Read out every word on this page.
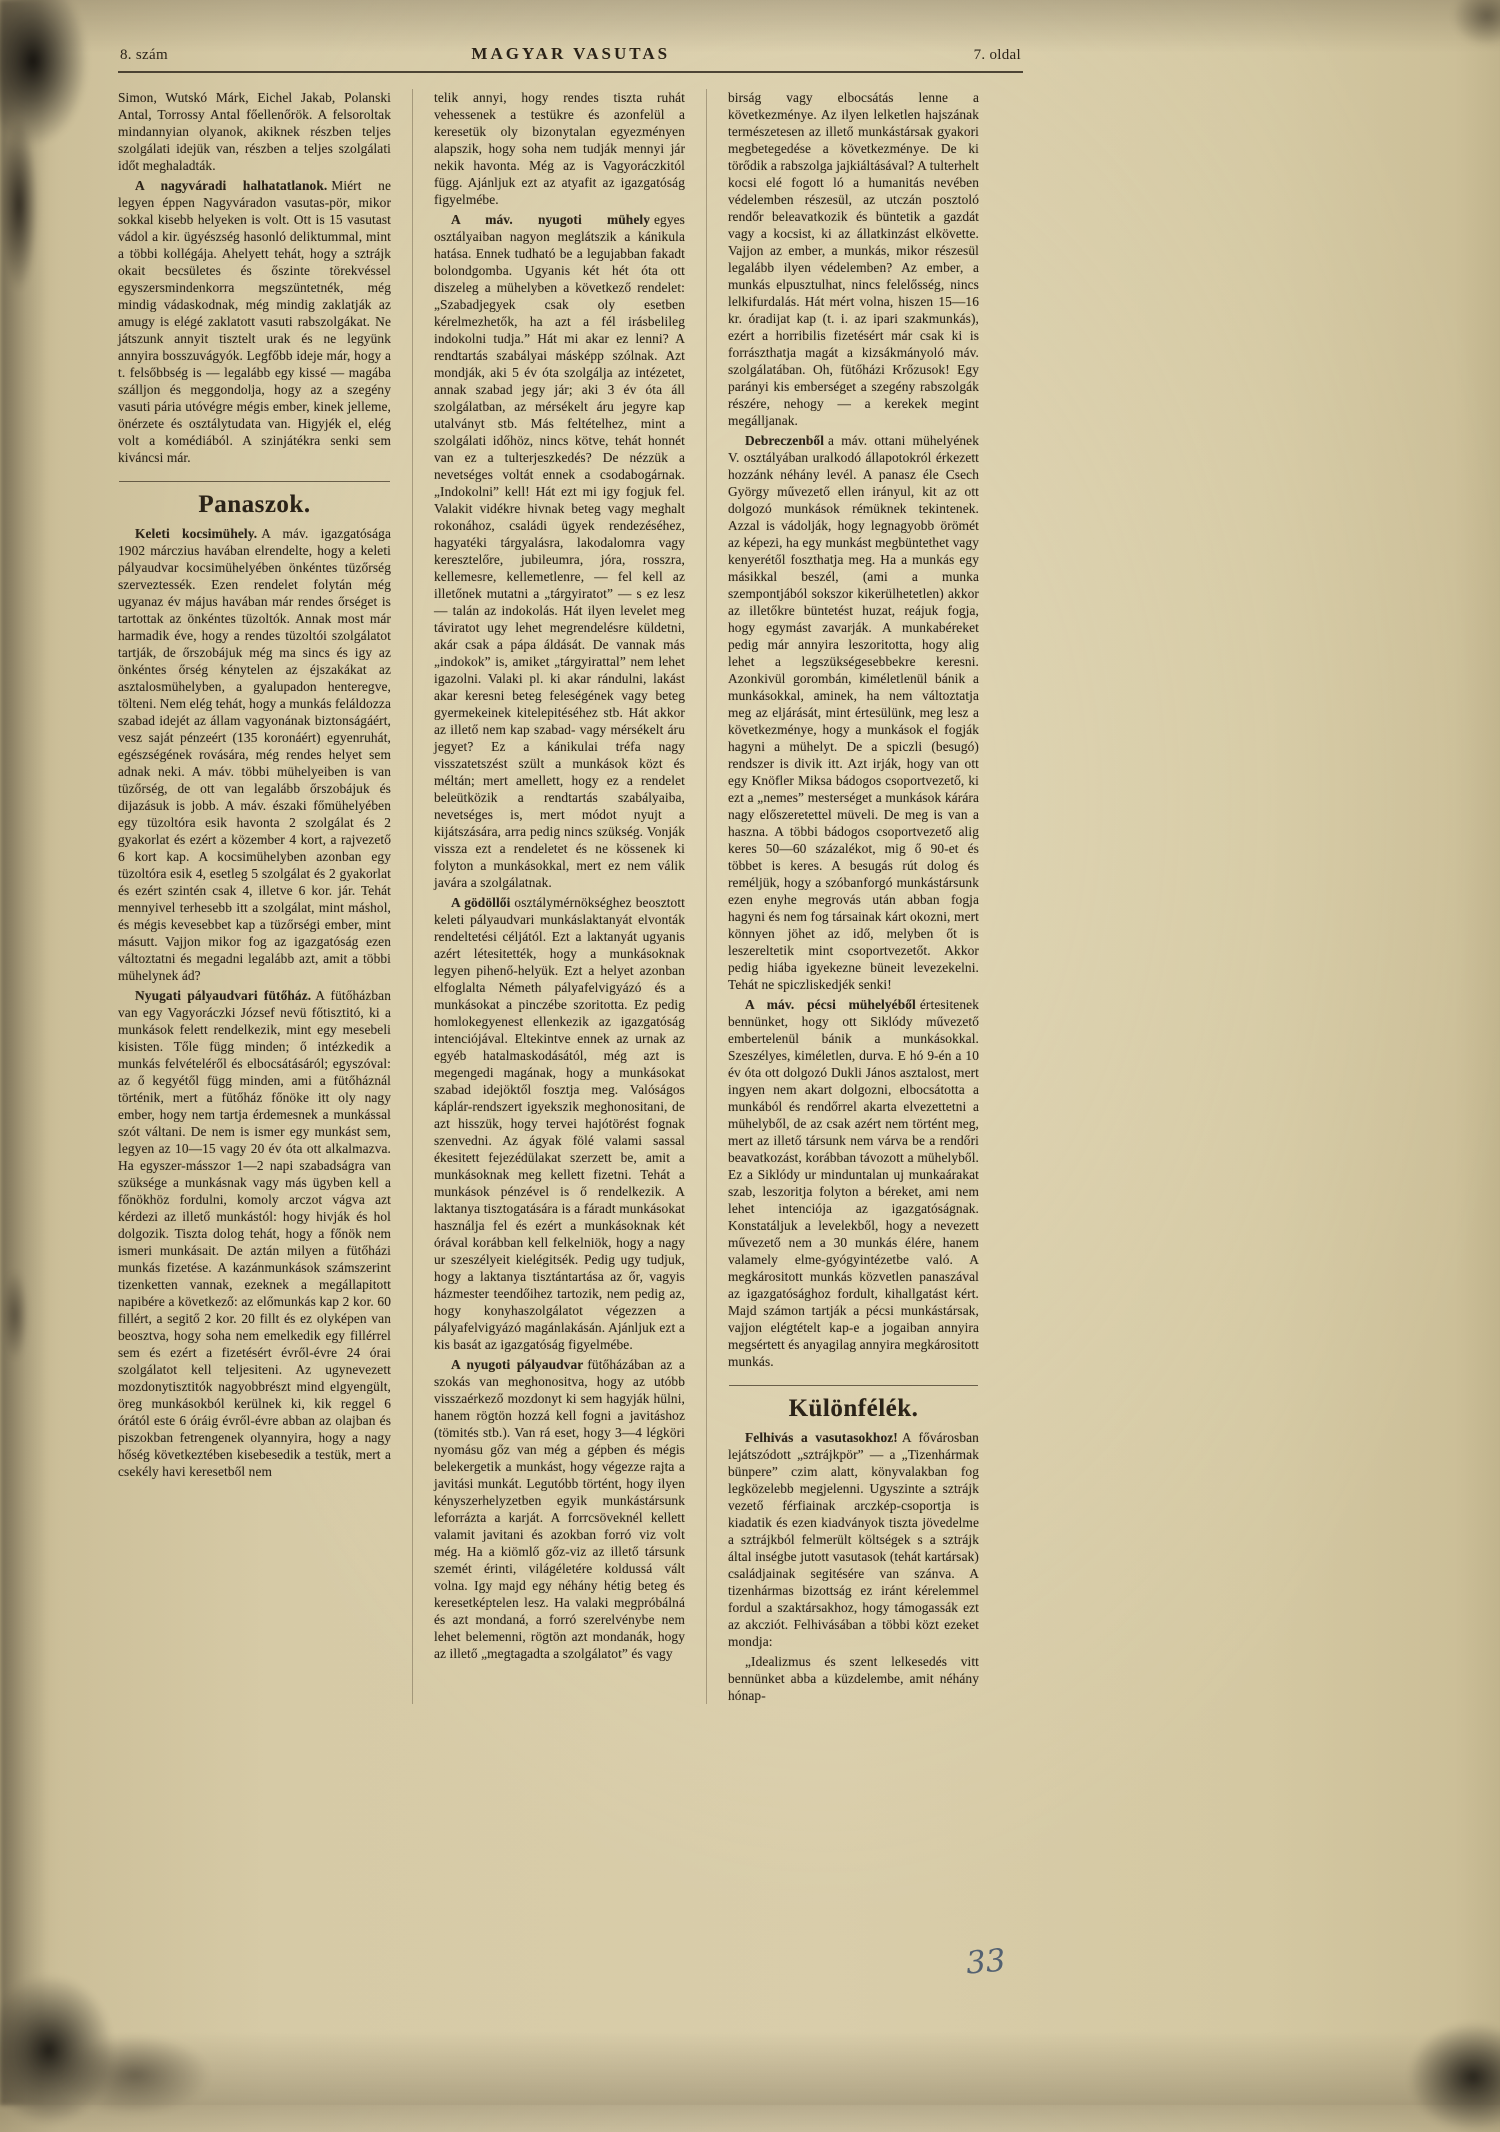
8. szám	MAGYAR VASUTAS	7. oldal

Simon, Wutskó Márk, Eichel Jakab, Polanski Antal, Torrossy Antal főellenőrök. A felsoroltak mindannyian olyanok, akiknek részben teljes szolgálati idejük van, részben a teljes szolgálati időt meghaladták.

A nagyváradi halhatatlanok. Miért ne legyen éppen Nagyváradon vasutas-pör, mikor sokkal kisebb helyeken is volt. Ott is 15 vasutast vádol a kir. ügyészség hasonló deliktummal, mint a többi kollégája. Ahelyett tehát, hogy a sztrájk okait becsületes és őszinte törekvéssel egyszersmindenkorra megszüntetnék, még mindig vádaskodnak, még mindig zaklatják az amugy is elégé zaklatott vasuti rabszolgákat. Ne játszunk annyit tisztelt urak és ne legyünk annyira bosszuvágyók. Legfőbb ideje már, hogy a t. felsőbbség is — legalább egy kissé — magába szálljon és meggondolja, hogy az a szegény vasuti pária utóvégre mégis ember, kinek jelleme, önérzete és osztálytudata van. Higyjék el, elég volt a komédiából. A szinjátékra senki sem kiváncsi már.

Panaszok.

Keleti kocsimühely. A máv. igazgatósága 1902 márczius havában elrendelte, hogy a keleti pályaudvar kocsimühelyében önkéntes tüzőrség szerveztessék. Ezen rendelet folytán még ugyanaz év május havában már rendes őrséget is tartottak az önkéntes tüzoltók. Annak most már harmadik éve, hogy a rendes tüzoltói szolgálatot tartják, de őrszobájuk még ma sincs és igy az önkéntes őrség kénytelen az éjszakákat az asztalosmühelyben, a gyalupadon henteregve, tölteni. Nem elég tehát, hogy a munkás feláldozza szabad idejét az állam vagyonának biztonságáért, vesz saját pénzeért (135 koronáért) egyenruhát, egészségének rovására, még rendes helyet sem adnak neki. A máv. többi mühelyeiben is van tüzőrség, de ott van legalább őrszobájuk és dijazásuk is jobb. A máv. északi főmühelyében egy tüzoltóra esik havonta 2 szolgálat és 2 gyakorlat és ezért a közember 4 kort, a rajvezető 6 kort kap. A kocsimühelyben azonban egy tüzoltóra esik 4, esetleg 5 szolgálat és 2 gyakorlat és ezért szintén csak 4, illetve 6 kor. jár. Tehát mennyivel terhesebb itt a szolgálat, mint máshol, és mégis kevesebbet kap a tüzőrségi ember, mint másutt. Vajjon mikor fog az igazgatóság ezen változtatni és megadni legalább azt, amit a többi mühelynek ád?

Nyugati pályaudvari fütőház. A fütőházban van egy Vagyoráczki József nevü főtisztitó, ki a munkások felett rendelkezik, mint egy mesebeli kisisten. Tőle függ minden; ő intézkedik a munkás felvételéről és elbocsátásáról; egyszóval: az ő kegyétől függ minden, ami a fütőháznál történik, mert a fütőház főnöke itt oly nagy ember, hogy nem tartja érdemesnek a munkással szót váltani. De nem is ismer egy munkást sem, legyen az 10—15 vagy 20 év óta ott alkalmazva. Ha egyszer-másszor 1—2 napi szabadságra van szüksége a munkásnak vagy más ügyben kell a főnökhöz fordulni, komoly arczot vágva azt kérdezi az illető munkástól: hogy hivják és hol dolgozik. Tiszta dolog tehát, hogy a főnök nem ismeri munkásait. De aztán milyen a fütőházi munkás fizetése. A kazánmunkások számszerint tizenketten vannak, ezeknek a megállapitott napibére a következő: az előmunkás kap 2 kor. 60 fillért, a segitő 2 kor. 20 fillt és ez olyképen van beosztva, hogy soha nem emelkedik egy fillérrel sem és ezért a fizetésért évről-évre 24 órai szolgálatot kell teljesiteni. Az ugynevezett mozdonytisztitók nagyobbrészt mind elgyengült, öreg munkásokból kerülnek ki, kik reggel 6 órától este 6 óráig évről-évre abban az olajban és piszokban fetrengenek olyannyira, hogy a nagy hőség következtében kisebesedik a testük, mert a csekély havi keresetből nem

telik annyi, hogy rendes tiszta ruhát vehessenek a testükre és azonfelül a keresetük oly bizonytalan egyezményen alapszik, hogy soha nem tudják mennyi jár nekik havonta. Még az is Vagyoráczkitól függ. Ajánljuk ezt az atyafit az igazgatóság figyelmébe.

A máv. nyugoti mühely egyes osztályaiban nagyon meglátszik a kánikula hatása. Ennek tudható be a legujabban fakadt bolondgomba. Ugyanis két hét óta ott diszeleg a mühelyben a következő rendelet: „Szabadjegyek csak oly esetben kérelmezhetők, ha azt a fél irásbelileg indokolni tudja.” Hát mi akar ez lenni? A rendtartás szabályai másképp szólnak. Azt mondják, aki 5 év óta szolgálja az intézetet, annak szabad jegy jár; aki 3 év óta áll szolgálatban, az mérsékelt áru jegyre kap utalványt stb. Más feltételhez, mint a szolgálati időhöz, nincs kötve, tehát honnét van ez a tulterjeszkedés? De nézzük a nevetséges voltát ennek a csodabogárnak. „Indokolni” kell! Hát ezt mi igy fogjuk fel. Valakit vidékre hivnak beteg vagy meghalt rokonához, családi ügyek rendezéséhez, hagyatéki tárgyalásra, lakodalomra vagy keresztelőre, jubileumra, jóra, rosszra, kellemesre, kellemetlenre, — fel kell az illetőnek mutatni a „tárgyiratot” — s ez lesz — talán az indokolás. Hát ilyen levelet meg táviratot ugy lehet megrendelésre küldetni, akár csak a pápa áldását. De vannak más „indokok” is, amiket „tárgyirattal” nem lehet igazolni. Valaki pl. ki akar rándulni, lakást akar keresni beteg feleségének vagy beteg gyermekeinek kitelepitéséhez stb. Hát akkor az illető nem kap szabad- vagy mérsékelt áru jegyet? Ez a kánikulai tréfa nagy visszatetszést szült a munkások közt és méltán; mert amellett, hogy ez a rendelet beleütközik a rendtartás szabályaiba, nevetséges is, mert módot nyujt a kijátszására, arra pedig nincs szükség. Vonják vissza ezt a rendeletet és ne kössenek ki folyton a munkásokkal, mert ez nem válik javára a szolgálatnak.

A gödöllői osztálymérnökséghez beosztott keleti pályaudvari munkáslaktanyát elvonták rendeltetési céljától. Ezt a laktanyát ugyanis azért létesitették, hogy a munkásoknak legyen pihenő-helyük. Ezt a helyet azonban elfoglalta Németh pályafelvigyázó és a munkásokat a pinczébe szoritotta. Ez pedig homlokegyenest ellenkezik az igazgatóság intenciójával. Eltekintve ennek az urnak az egyéb hatalmaskodásától, még azt is megengedi magának, hogy a munkásokat szabad idejöktől fosztja meg. Valóságos káplár-rendszert igyekszik meghonositani, de azt hisszük, hogy tervei hajótörést fognak szenvedni. Az ágyak fölé valami sassal ékesitett fejezédülakat szerzett be, amit a munkásoknak meg kellett fizetni. Tehát a munkások pénzével is ő rendelkezik. A laktanya tisztogatására is a fáradt munkásokat használja fel és ezért a munkásoknak két órával korábban kell felkelniök, hogy a nagy ur szeszélyeit kielégitsék. Pedig ugy tudjuk, hogy a laktanya tisztántartása az őr, vagyis házmester teendőihez tartozik, nem pedig az, hogy konyhaszolgálatot végezzen a pályafelvigyázó magánlakásán. Ajánljuk ezt a kis basát az igazgatóság figyelmébe.

A nyugoti pályaudvar fütőházában az a szokás van meghonositva, hogy az utóbb visszaérkező mozdonyt ki sem hagyják hülni, hanem rögtön hozzá kell fogni a javitáshoz (tömités stb.). Van rá eset, hogy 3—4 légköri nyomásu gőz van még a gépben és mégis belekergetik a munkást, hogy végezze rajta a javitási munkát. Legutóbb történt, hogy ilyen kényszerhelyzetben egyik munkástársunk leforrázta a karját. A forrcsöveknél kellett valamit javitani és azokban forró viz volt még. Ha a kiömlő gőz-viz az illető társunk szemét érinti, világéletére koldussá vált volna. Igy majd egy néhány hétig beteg és keresetképtelen lesz. Ha valaki megpróbálná és azt mondaná, a forró szerelvénybe nem lehet belemenni, rögtön azt mondanák, hogy az illető „megtagadta a szolgálatot” és vagy

birság vagy elbocsátás lenne a következménye. Az ilyen lelketlen hajszának természetesen az illető munkástársak gyakori megbetegedése a következménye. De ki törődik a rabszolga jajkiáltásával? A tulterhelt kocsi elé fogott ló a humanitás nevében védelemben részesül, az utczán posztoló rendőr beleavatkozik és büntetik a gazdát vagy a kocsist, ki az állatkinzást elkövette. Vajjon az ember, a munkás, mikor részesül legalább ilyen védelemben? Az ember, a munkás elpusztulhat, nincs felelősség, nincs lelkifurdalás. Hát mért volna, hiszen 15—16 kr. óradijat kap (t. i. az ipari szakmunkás), ezért a horribilis fizetésért már csak ki is forrászthatja magát a kizsákmányoló máv. szolgálatában. Oh, fütőházi Krőzusok! Egy parányi kis emberséget a szegény rabszolgák részére, nehogy — a kerekek megint megálljanak.

Debreczenből a máv. ottani mühelyének V. osztályában uralkodó állapotokról érkezett hozzánk néhány levél. A panasz éle Csech György művezető ellen irányul, kit az ott dolgozó munkások rémüknek tekintenek. Azzal is vádolják, hogy legnagyobb örömét az képezi, ha egy munkást megbüntethet vagy kenyerétől foszthatja meg. Ha a munkás egy másikkal beszél, (ami a munka szempontjából sokszor kikerülhetetlen) akkor az illetőkre büntetést huzat, reájuk fogja, hogy egymást zavarják. A munkabéreket pedig már annyira leszoritotta, hogy alig lehet a legszükségesebbekre keresni. Azonkivül gorombán, kiméletlenül bánik a munkásokkal, aminek, ha nem változtatja meg az eljárását, mint értesülünk, meg lesz a következménye, hogy a munkások el fogják hagyni a mühelyt. De a spiczli (besugó) rendszer is divik itt. Azt irják, hogy van ott egy Knöfler Miksa bádogos csoportvezető, ki ezt a „nemes” mesterséget a munkások kárára nagy előszeretettel müveli. De meg is van a haszna. A többi bádogos csoportvezető alig keres 50—60 százalékot, mig ő 90-et és többet is keres. A besugás rút dolog és reméljük, hogy a szóbanforgó munkástársunk ezen enyhe megrovás után abban fogja hagyni és nem fog társainak kárt okozni, mert könnyen jöhet az idő, melyben őt is leszereltetik mint csoportvezetőt. Akkor pedig hiába igyekezne büneit levezekelni. Tehát ne spiczliskedjék senki!

A máv. pécsi mühelyéből értesitenek bennünket, hogy ott Siklódy művezető embertelenül bánik a munkásokkal. Szeszélyes, kiméletlen, durva. E hó 9-én a 10 év óta ott dolgozó Dukli János asztalost, mert ingyen nem akart dolgozni, elbocsátotta a munkából és rendőrrel akarta elvezettetni a mühelyből, de az csak azért nem történt meg, mert az illető társunk nem várva be a rendőri beavatkozást, korábban távozott a mühelyből. Ez a Siklódy ur minduntalan uj munkaárakat szab, leszoritja folyton a béreket, ami nem lehet intenciója az igazgatóságnak. Konstatáljuk a levelekből, hogy a nevezett művezető nem a 30 munkás élére, hanem valamely elme-gyógyintézetbe való. A megkárositott munkás közvetlen panaszával az igazgatósághoz fordult, kihallgatást kért. Majd számon tartják a pécsi munkástársak, vajjon elégtételt kap-e a jogaiban annyira megsértett és anyagilag annyira megkárositott munkás.

Különfélék.

Felhivás a vasutasokhoz! A fővárosban lejátszódott „sztrájkpör” — a „Tizenhármak bünpere” czim alatt, könyvalakban fog legközelebb megjelenni. Ugyszinte a sztrájk vezető férfiainak arczkép-csoportja is kiadatik és ezen kiadványok tiszta jövedelme a sztrájkból felmerült költségek s a sztrájk által inségbe jutott vasutasok (tehát kartársak) családjainak segitésére van szánva. A tizenhármas bizottság ez iránt kérelemmel fordul a szaktársakhoz, hogy támogassák ezt az akcziót. Felhivásában a többi közt ezeket mondja:

„Idealizmus és szent lelkesedés vitt bennünket abba a küzdelembe, amit néhány hónap-

33
